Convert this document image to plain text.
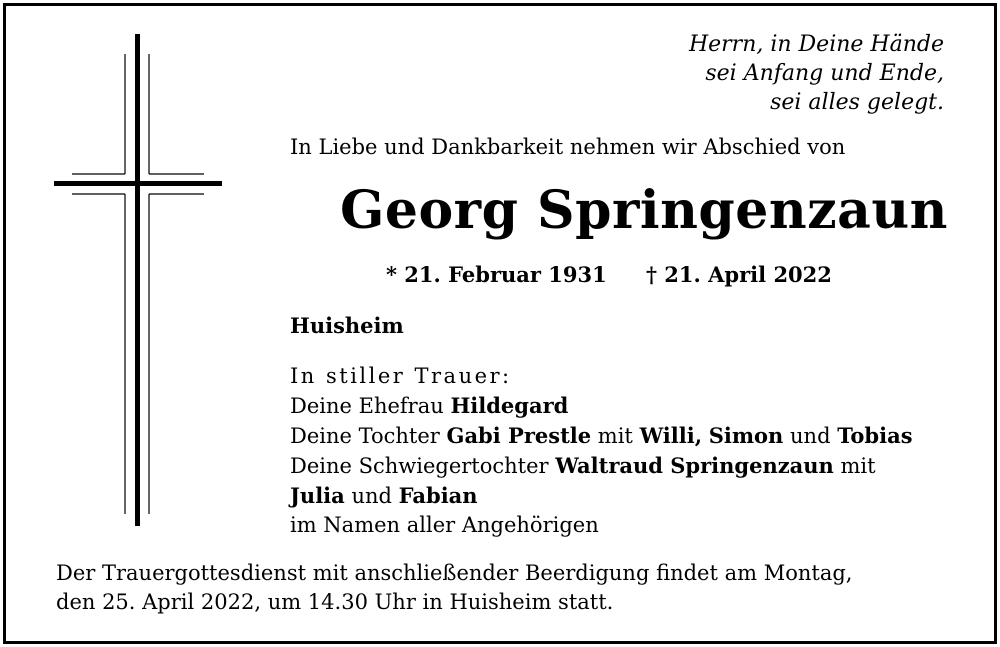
Herrn, in Deine Hände
sei Anfang und Ende,
sei alles gelegt.
In Liebe und Dankbarkeit nehmen wir Abschied von
Georg Springenzaun
* 21. Februar 1931 † 21. April 2022
Huisheim
In stiller Trauer:
Deine Ehefrau Hildegard
Deine Tochter Gabi Prestle mit Willi, Simon und Tobias
Deine Schwiegertochter Waltraud Springenzaun mit
Julia und Fabian
im Namen aller Angehörigen
Der Trauergottesdienst mit anschließender Beerdigung findet am Montag,
den 25. April 2022, um 14.30 Uhr in Huisheim statt.
